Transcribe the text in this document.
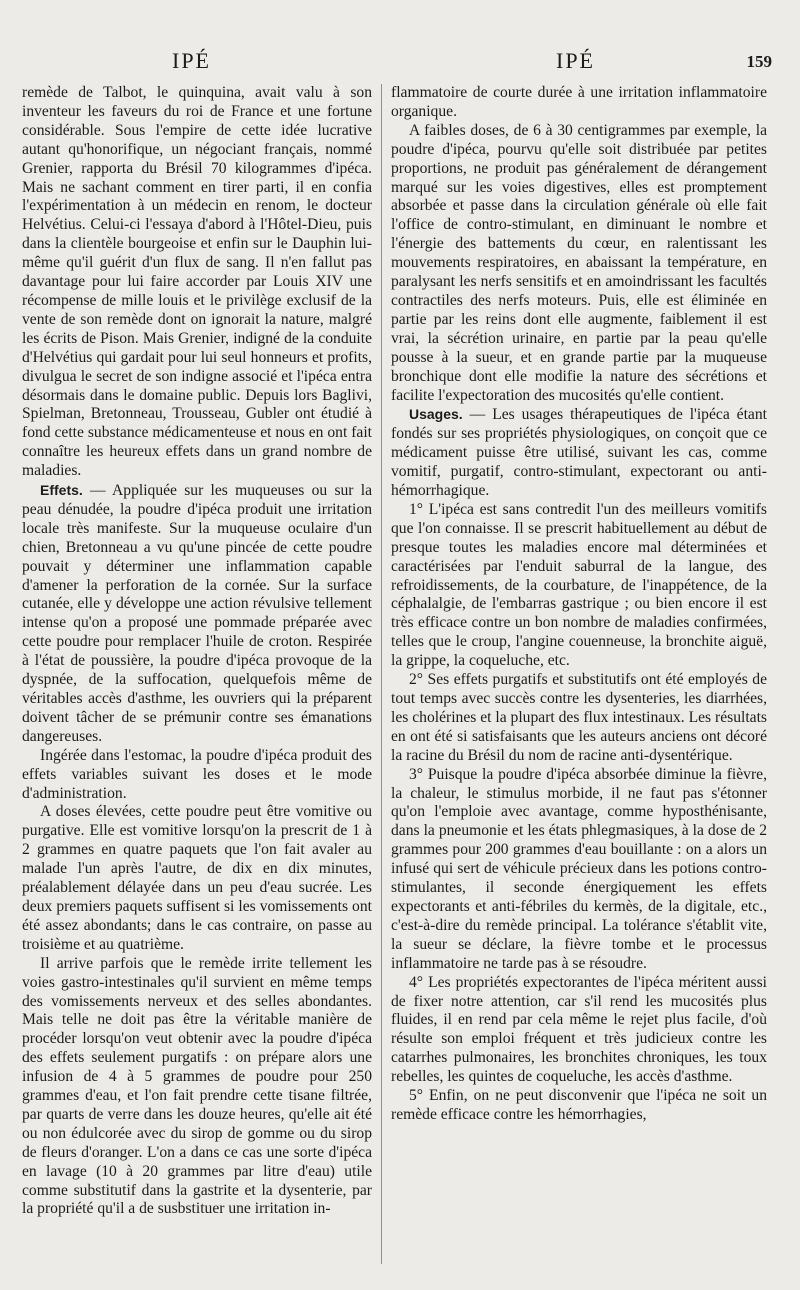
IPÉ	IPÉ	159

remède de Talbot, le quinquina, avait valu à son inventeur les faveurs du roi de France et une fortune considérable. Sous l'empire de cette idée lucrative autant qu'honorifique, un négociant français, nommé Grenier, rapporta du Brésil 70 kilogrammes d'ipéca. Mais ne sachant comment en tirer parti, il en confia l'expérimentation à un médecin en renom, le docteur Helvétius. Celui-ci l'essaya d'abord à l'Hôtel-Dieu, puis dans la clientèle bourgeoise et enfin sur le Dauphin lui-même qu'il guérit d'un flux de sang. Il n'en fallut pas davantage pour lui faire accorder par Louis XIV une récompense de mille louis et le privilège exclusif de la vente de son remède dont on ignorait la nature, malgré les écrits de Pison. Mais Grenier, indigné de la conduite d'Helvétius qui gardait pour lui seul honneurs et profits, divulgua le secret de son indigne associé et l'ipéca entra désormais dans le domaine public. Depuis lors Baglivi, Spielman, Bretonneau, Trousseau, Gubler ont étudié à fond cette substance médicamenteuse et nous en ont fait connaître les heureux effets dans un grand nombre de maladies.

Effets. — Appliquée sur les muqueuses ou sur la peau dénudée, la poudre d'ipéca produit une irritation locale très manifeste. Sur la muqueuse oculaire d'un chien, Bretonneau a vu qu'une pincée de cette poudre pouvait y déterminer une inflammation capable d'amener la perforation de la cornée. Sur la surface cutanée, elle y développe une action révulsive tellement intense qu'on a proposé une pommade préparée avec cette poudre pour remplacer l'huile de croton. Respirée à l'état de poussière, la poudre d'ipéca provoque de la dyspnée, de la suffocation, quelquefois même de véritables accès d'asthme, les ouvriers qui la préparent doivent tâcher de se prémunir contre ses émanations dangereuses.

Ingérée dans l'estomac, la poudre d'ipéca produit des effets variables suivant les doses et le mode d'administration.

A doses élevées, cette poudre peut être vomitive ou purgative. Elle est vomitive lorsqu'on la prescrit de 1 à 2 grammes en quatre paquets que l'on fait avaler au malade l'un après l'autre, de dix en dix minutes, préalablement délayée dans un peu d'eau sucrée. Les deux premiers paquets suffisent si les vomissements ont été assez abondants; dans le cas contraire, on passe au troisième et au quatrième.

Il arrive parfois que le remède irrite tellement les voies gastro-intestinales qu'il survient en même temps des vomissements nerveux et des selles abondantes. Mais telle ne doit pas être la véritable manière de procéder lorsqu'on veut obtenir avec la poudre d'ipéca des effets seulement purgatifs : on prépare alors une infusion de 4 à 5 grammes de poudre pour 250 grammes d'eau, et l'on fait prendre cette tisane filtrée, par quarts de verre dans les douze heures, qu'elle ait été ou non édulcorée avec du sirop de gomme ou du sirop de fleurs d'oranger. L'on a dans ce cas une sorte d'ipéca en lavage (10 à 20 grammes par litre d'eau) utile comme substitutif dans la gastrite et la dysenterie, par la propriété qu'il a de susbstituer une irritation in-

flammatoire de courte durée à une irritation inflammatoire organique.

A faibles doses, de 6 à 30 centigrammes par exemple, la poudre d'ipéca, pourvu qu'elle soit distribuée par petites proportions, ne produit pas généralement de dérangement marqué sur les voies digestives, elles est promptement absorbée et passe dans la circulation générale où elle fait l'office de contro-stimulant, en diminuant le nombre et l'énergie des battements du cœur, en ralentissant les mouvements respiratoires, en abaissant la température, en paralysant les nerfs sensitifs et en amoindrissant les facultés contractiles des nerfs moteurs. Puis, elle est éliminée en partie par les reins dont elle augmente, faiblement il est vrai, la sécrétion urinaire, en partie par la peau qu'elle pousse à la sueur, et en grande partie par la muqueuse bronchique dont elle modifie la nature des sécrétions et facilite l'expectoration des mucosités qu'elle contient.

Usages. — Les usages thérapeutiques de l'ipéca étant fondés sur ses propriétés physiologiques, on conçoit que ce médicament puisse être utilisé, suivant les cas, comme vomitif, purgatif, contro-stimulant, expectorant ou anti-hémorrhagique.

1° L'ipéca est sans contredit l'un des meilleurs vomitifs que l'on connaisse. Il se prescrit habituellement au début de presque toutes les maladies encore mal déterminées et caractérisées par l'enduit saburral de la langue, des refroidissements, de la courbature, de l'inappétence, de la céphalalgie, de l'embarras gastrique ; ou bien encore il est très efficace contre un bon nombre de maladies confirmées, telles que le croup, l'angine couenneuse, la bronchite aiguë, la grippe, la coqueluche, etc.

2° Ses effets purgatifs et substitutifs ont été employés de tout temps avec succès contre les dysenteries, les diarrhées, les cholérines et la plupart des flux intestinaux. Les résultats en ont été si satisfaisants que les auteurs anciens ont décoré la racine du Brésil du nom de racine anti-dysentérique.

3° Puisque la poudre d'ipéca absorbée diminue la fièvre, la chaleur, le stimulus morbide, il ne faut pas s'étonner qu'on l'emploie avec avantage, comme hyposthénisante, dans la pneumonie et les états phlegmasiques, à la dose de 2 grammes pour 200 grammes d'eau bouillante : on a alors un infusé qui sert de véhicule précieux dans les potions contro-stimulantes, il seconde énergiquement les effets expectorants et anti-fébriles du kermès, de la digitale, etc., c'est-à-dire du remède principal. La tolérance s'établit vite, la sueur se déclare, la fièvre tombe et le processus inflammatoire ne tarde pas à se résoudre.

4° Les propriétés expectorantes de l'ipéca méritent aussi de fixer notre attention, car s'il rend les mucosités plus fluides, il en rend par cela même le rejet plus facile, d'où résulte son emploi fréquent et très judicieux contre les catarrhes pulmonaires, les bronchites chroniques, les toux rebelles, les quintes de coqueluche, les accès d'asthme.

5° Enfin, on ne peut disconvenir que l'ipéca ne soit un remède efficace contre les hémorrhagies,
